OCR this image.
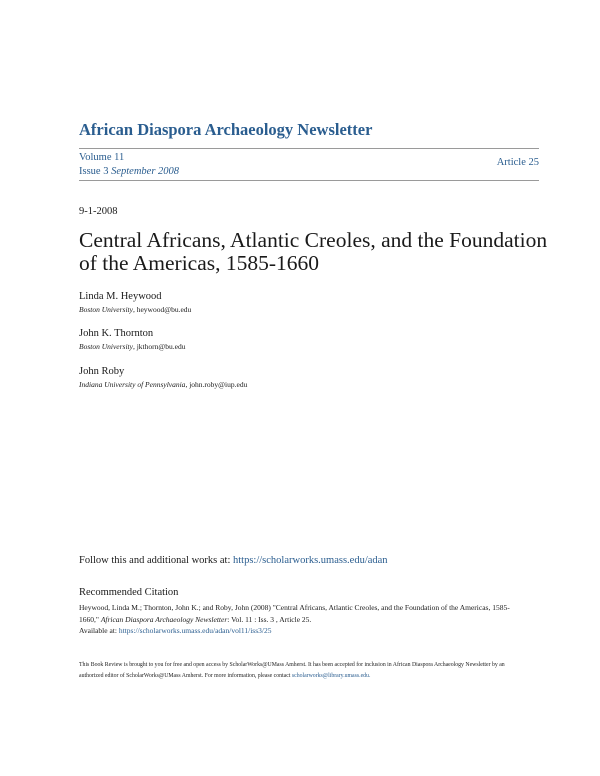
African Diaspora Archaeology Newsletter
Volume 11
Issue 3 September 2008
Article 25
9-1-2008
Central Africans, Atlantic Creoles, and the Foundation of the Americas, 1585-1660
Linda M. Heywood
Boston University, heywood@bu.edu
John K. Thornton
Boston University, jkthorn@bu.edu
John Roby
Indiana University of Pennsylvania, john.roby@iup.edu
Follow this and additional works at: https://scholarworks.umass.edu/adan
Recommended Citation
Heywood, Linda M.; Thornton, John K.; and Roby, John (2008) "Central Africans, Atlantic Creoles, and the Foundation of the Americas, 1585-1660," African Diaspora Archaeology Newsletter: Vol. 11 : Iss. 3 , Article 25.
Available at: https://scholarworks.umass.edu/adan/vol11/iss3/25
This Book Review is brought to you for free and open access by ScholarWorks@UMass Amherst. It has been accepted for inclusion in African Diaspora Archaeology Newsletter by an authorized editor of ScholarWorks@UMass Amherst. For more information, please contact scholarworks@library.umass.edu.
